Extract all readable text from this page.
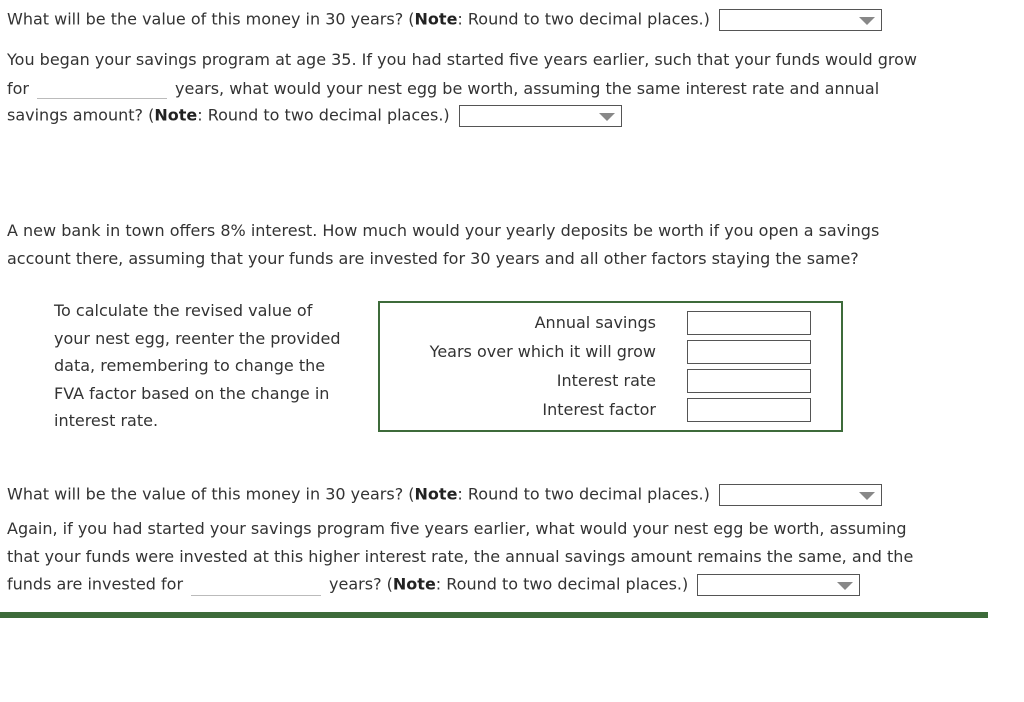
What will be the value of this money in 30 years? (Note: Round to two decimal places.)
You began your savings program at age 35. If you had started five years earlier, such that your funds would grow
for	years, what would your nest egg be worth, assuming the same interest rate and annual
savings amount? (Note: Round to two decimal places.)
A new bank in town offers 8% interest. How much would your yearly deposits be worth if you open a savings
account there, assuming that your funds are invested for 30 years and all other factors staying the same?
To calculate the revised value of
your nest egg, reenter the provided
data, remembering to change the
FVA factor based on the change in
interest rate.
Annual savings
Years over which it will grow
Interest rate
Interest factor
What will be the value of this money in 30 years? (Note: Round to two decimal places.)
Again, if you had started your savings program five years earlier, what would your nest egg be worth, assuming
that your funds were invested at this higher interest rate, the annual savings amount remains the same, and the
funds are invested for	years? (Note: Round to two decimal places.)
